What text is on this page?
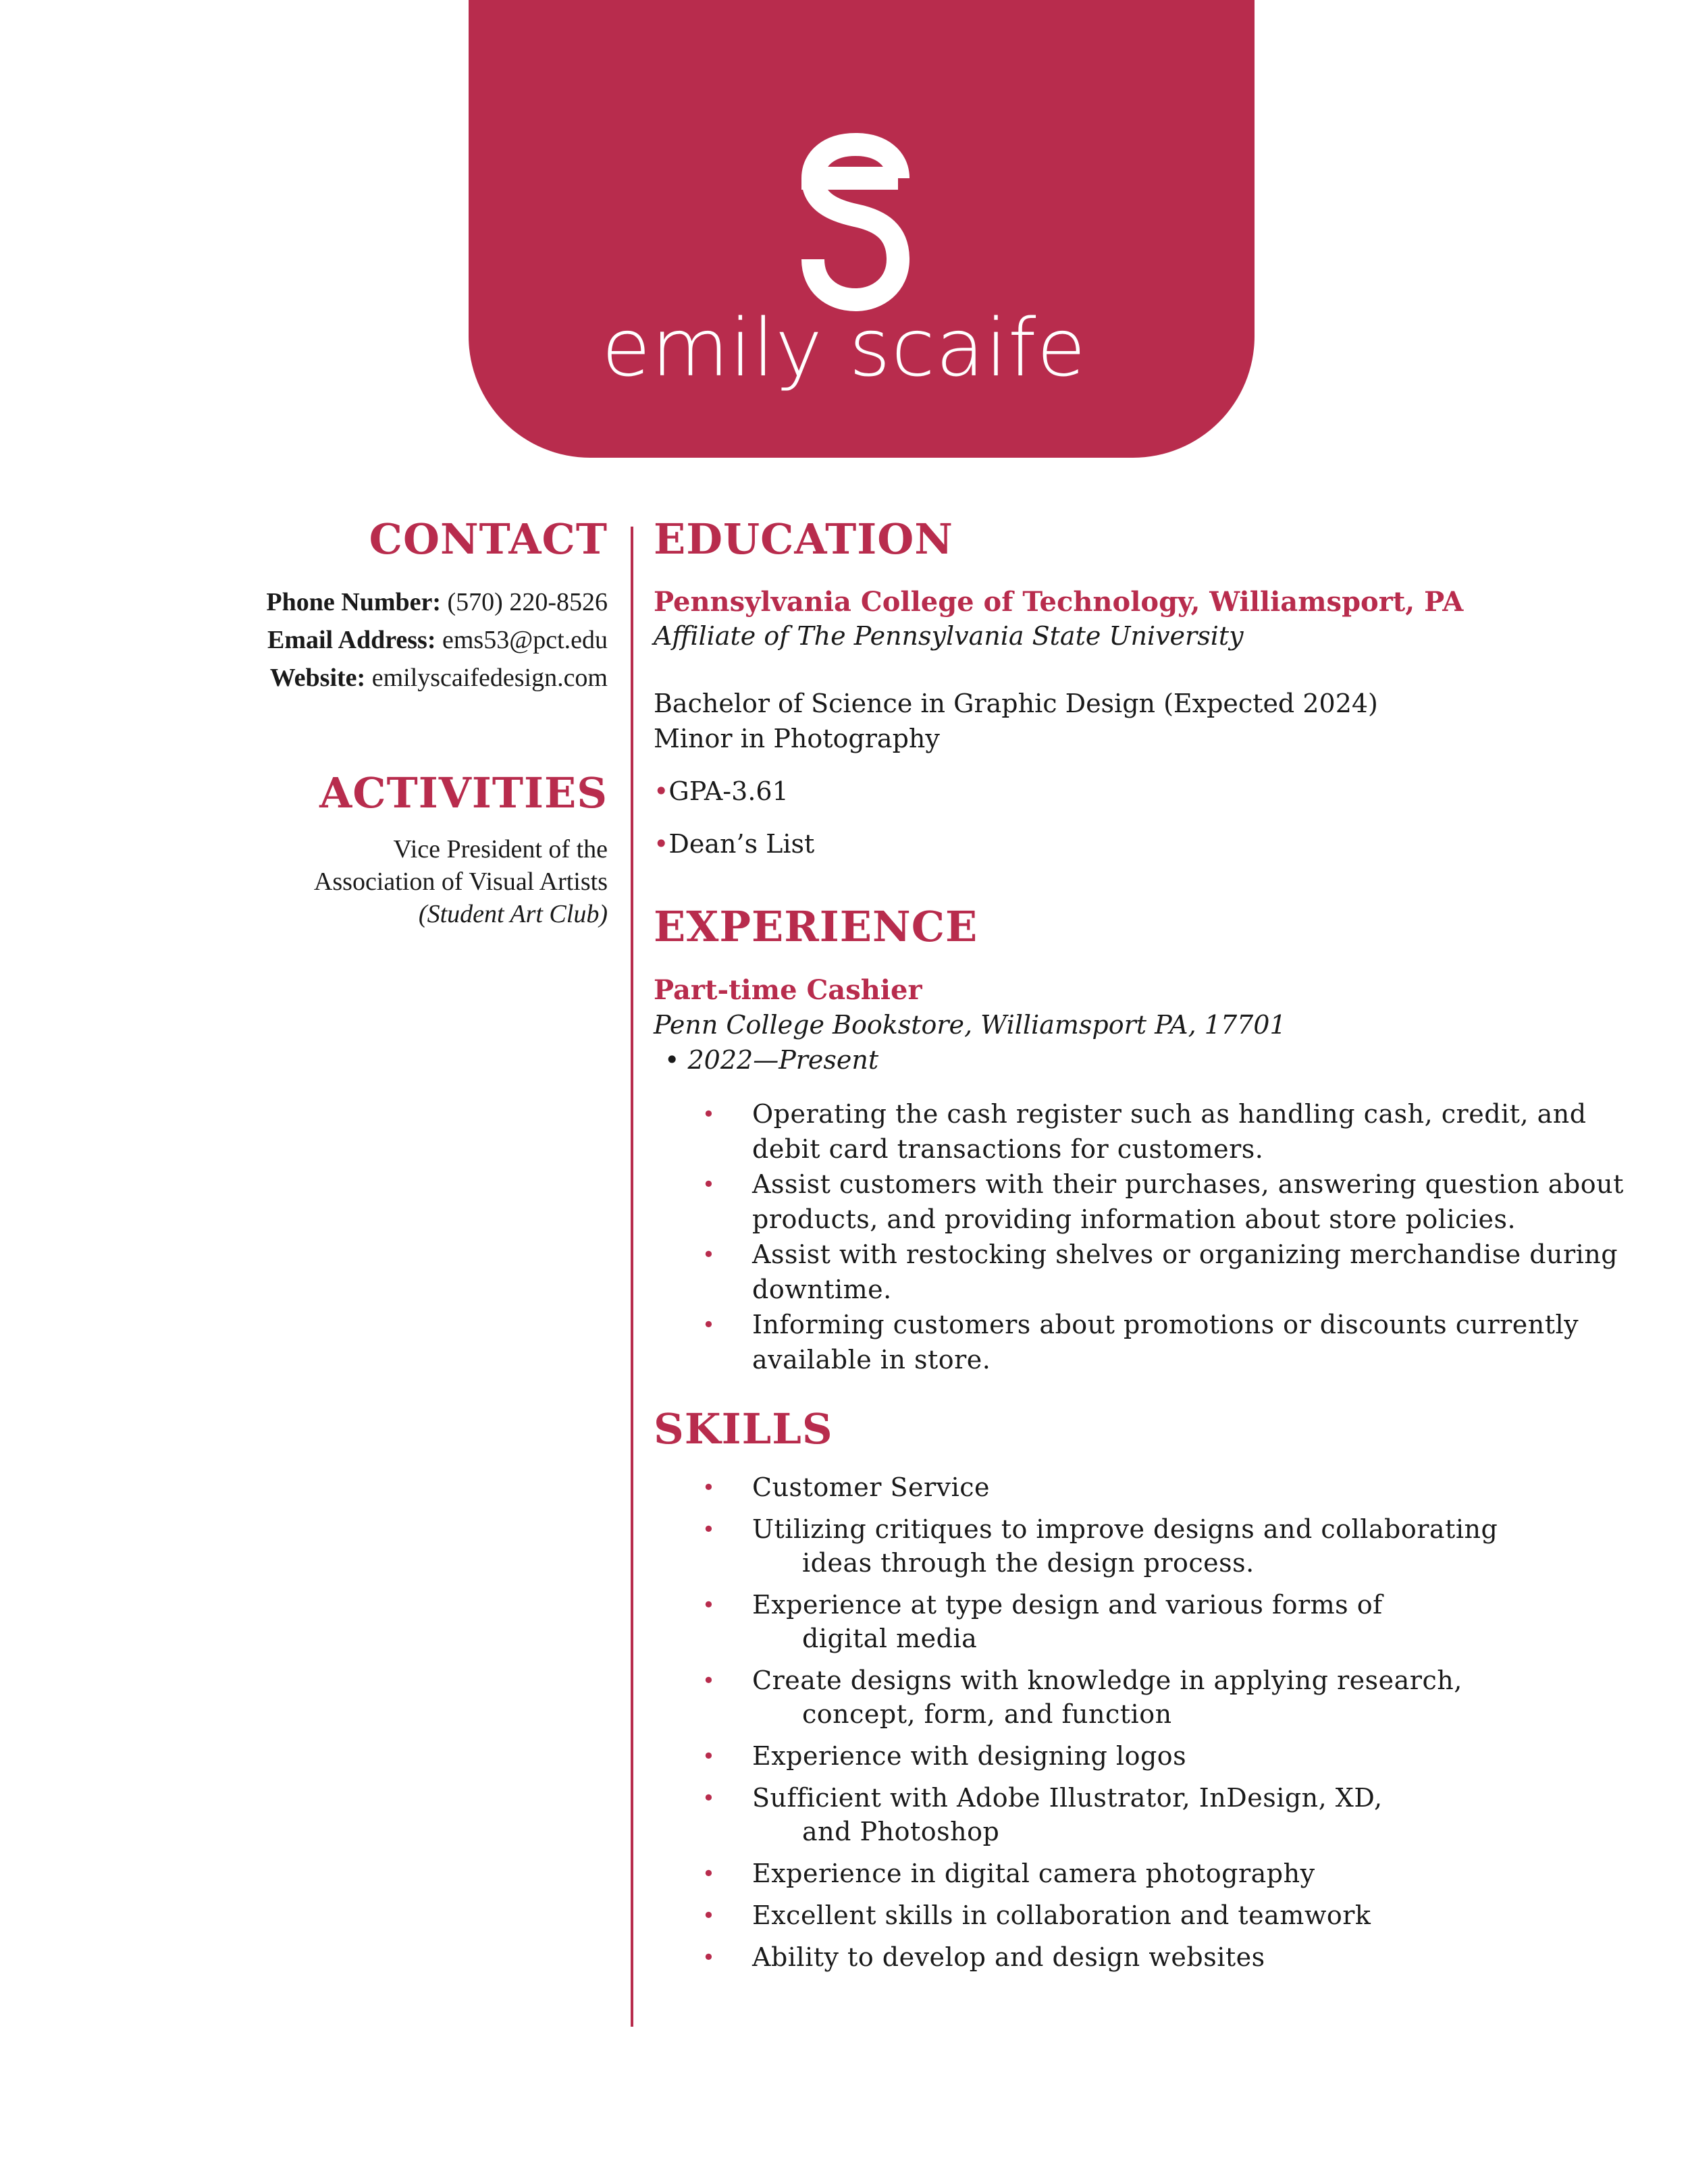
emily scaife
CONTACT
Phone Number: (570) 220-8526
Email Address: ems53@pct.edu
Website: emilyscaifedesign.com
ACTIVITIES
Vice President of the
Association of Visual Artists
(Student Art Club)
EDUCATION
Pennsylvania College of Technology, Williamsport, PA
Affiliate of The Pennsylvania State University
Bachelor of Science in Graphic Design (Expected 2024)
Minor in Photography
•GPA-3.61
•Dean’s List
EXPERIENCE
Part-time Cashier
Penn College Bookstore, Williamsport PA, 17701
• 2022—Present
• Operating the cash register such as handling cash, credit, and debit card transactions for customers.
• Assist customers with their purchases, answering question about products, and providing information about store policies.
• Assist with restocking shelves or organizing merchandise during downtime.
• Informing customers about promotions or discounts currently available in store.
SKILLS
• Customer Service
• Utilizing critiques to improve designs and collaborating
ideas through the design process.
• Experience at type design and various forms of
digital media
• Create designs with knowledge in applying research,
concept, form, and function
• Experience with designing logos
• Sufficient with Adobe Illustrator, InDesign, XD,
and Photoshop
• Experience in digital camera photography
• Excellent skills in collaboration and teamwork
• Ability to develop and design websites
